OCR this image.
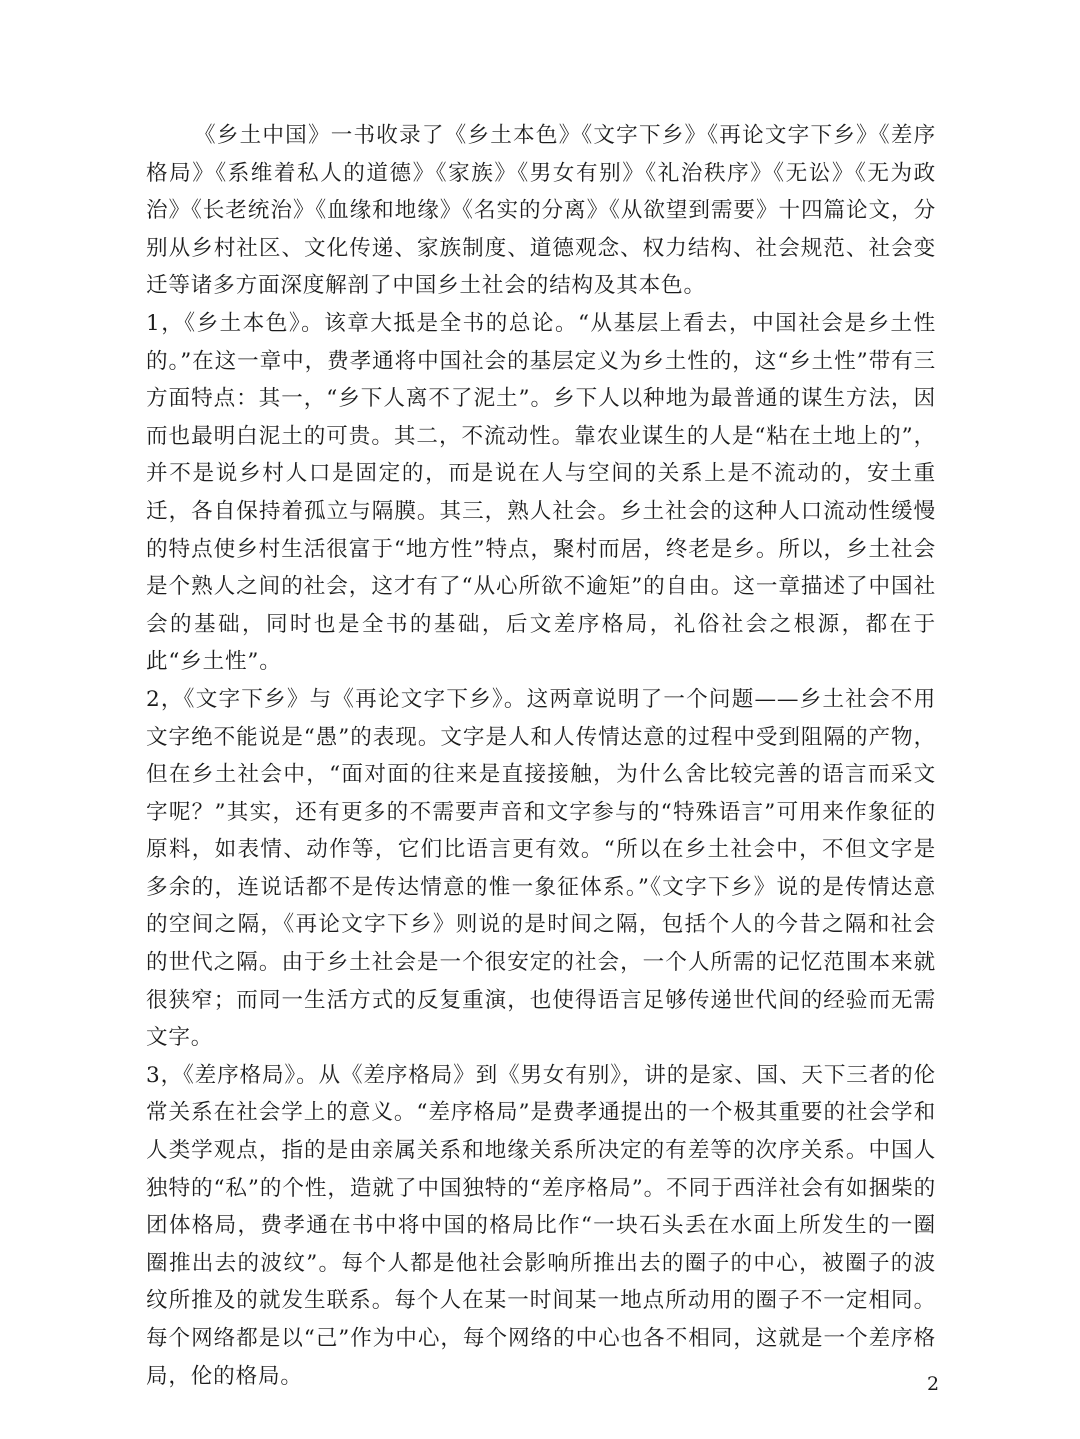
《乡土中国》一书收录了《乡土本色》《文字下乡》《再论文字下乡》《差序格局》《系维着私人的道德》《家族》《男女有别》《礼治秩序》《无讼》《无为政治》《长老统治》《血缘和地缘》《名实的分离》《从欲望到需要》十四篇论文，分别从乡村社区、文化传递、家族制度、道德观念、权力结构、社会规范、社会变迁等诸多方面深度解剖了中国乡土社会的结构及其本色。

1，《乡土本色》。该章大抵是全书的总论。“从基层上看去，中国社会是乡土性的。”在这一章中，费孝通将中国社会的基层定义为乡土性的，这“乡土性”带有三方面特点：其一，“乡下人离不了泥土”。乡下人以种地为最普通的谋生方法，因而也最明白泥土的可贵。其二，不流动性。靠农业谋生的人是“粘在土地上的”，并不是说乡村人口是固定的，而是说在人与空间的关系上是不流动的，安土重迁，各自保持着孤立与隔膜。其三，熟人社会。乡土社会的这种人口流动性缓慢的特点使乡村生活很富于“地方性”特点，聚村而居，终老是乡。所以，乡土社会是个熟人之间的社会，这才有了“从心所欲不逾矩”的自由。这一章描述了中国社会的基础，同时也是全书的基础，后文差序格局，礼俗社会之根源，都在于此“乡土性”。

2，《文字下乡》与《再论文字下乡》。这两章说明了一个问题——乡土社会不用文字绝不能说是“愚”的表现。文字是人和人传情达意的过程中受到阻隔的产物，但在乡土社会中，“面对面的往来是直接接触，为什么舍比较完善的语言而采文字呢？”其实，还有更多的不需要声音和文字参与的“特殊语言”可用来作象征的原料，如表情、动作等，它们比语言更有效。“所以在乡土社会中，不但文字是多余的，连说话都不是传达情意的惟一象征体系。”《文字下乡》说的是传情达意的空间之隔，《再论文字下乡》则说的是时间之隔，包括个人的今昔之隔和社会的世代之隔。由于乡土社会是一个很安定的社会，一个人所需的记忆范围本来就很狭窄；而同一生活方式的反复重演，也使得语言足够传递世代间的经验而无需文字。

3，《差序格局》。从《差序格局》到《男女有别》，讲的是家、国、天下三者的伦常关系在社会学上的意义。“差序格局”是费孝通提出的一个极其重要的社会学和人类学观点，指的是由亲属关系和地缘关系所决定的有差等的次序关系。中国人独特的“私”的个性，造就了中国独特的“差序格局”。不同于西洋社会有如捆柴的团体格局，费孝通在书中将中国的格局比作“一块石头丢在水面上所发生的一圈圈推出去的波纹”。每个人都是他社会影响所推出去的圈子的中心，被圈子的波纹所推及的就发生联系。每个人在某一时间某一地点所动用的圈子不一定相同。每个网络都是以“己”作为中心，每个网络的中心也各不相同，这就是一个差序格局，伦的格局。	2
